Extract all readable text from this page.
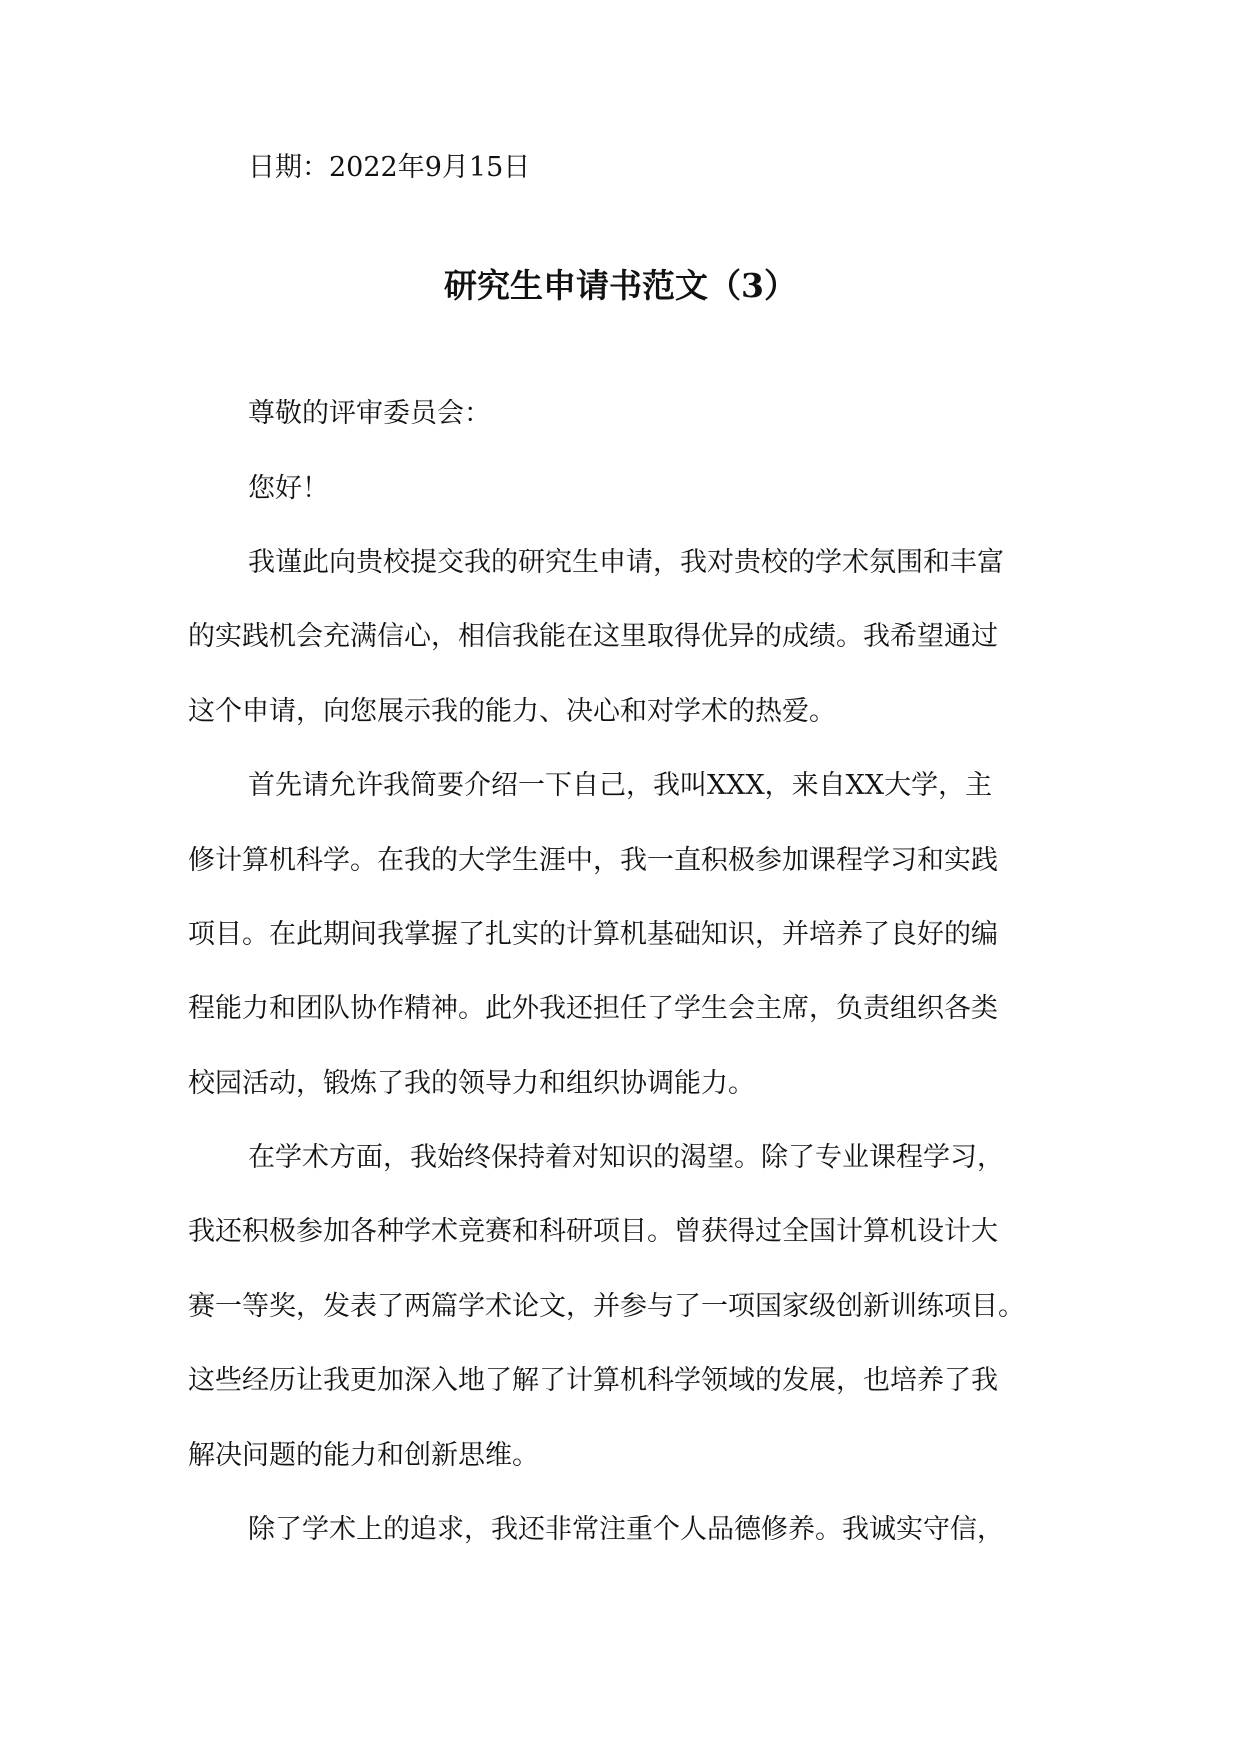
日期：2022年9月15日
研究生申请书范文（3）
尊敬的评审委员会：
您好！
我谨此向贵校提交我的研究生申请，我对贵校的学术氛围和丰富
的实践机会充满信心，相信我能在这里取得优异的成绩。我希望通过
这个申请，向您展示我的能力、决心和对学术的热爱。
首先请允许我简要介绍一下自己，我叫XXX，来自XX大学，主
修计算机科学。在我的大学生涯中，我一直积极参加课程学习和实践
项目。在此期间我掌握了扎实的计算机基础知识，并培养了良好的编
程能力和团队协作精神。此外我还担任了学生会主席，负责组织各类
校园活动，锻炼了我的领导力和组织协调能力。
在学术方面，我始终保持着对知识的渴望。除了专业课程学习，
我还积极参加各种学术竞赛和科研项目。曾获得过全国计算机设计大
赛一等奖，发表了两篇学术论文，并参与了一项国家级创新训练项目。
这些经历让我更加深入地了解了计算机科学领域的发展，也培养了我
解决问题的能力和创新思维。
除了学术上的追求，我还非常注重个人品德修养。我诚实守信，
